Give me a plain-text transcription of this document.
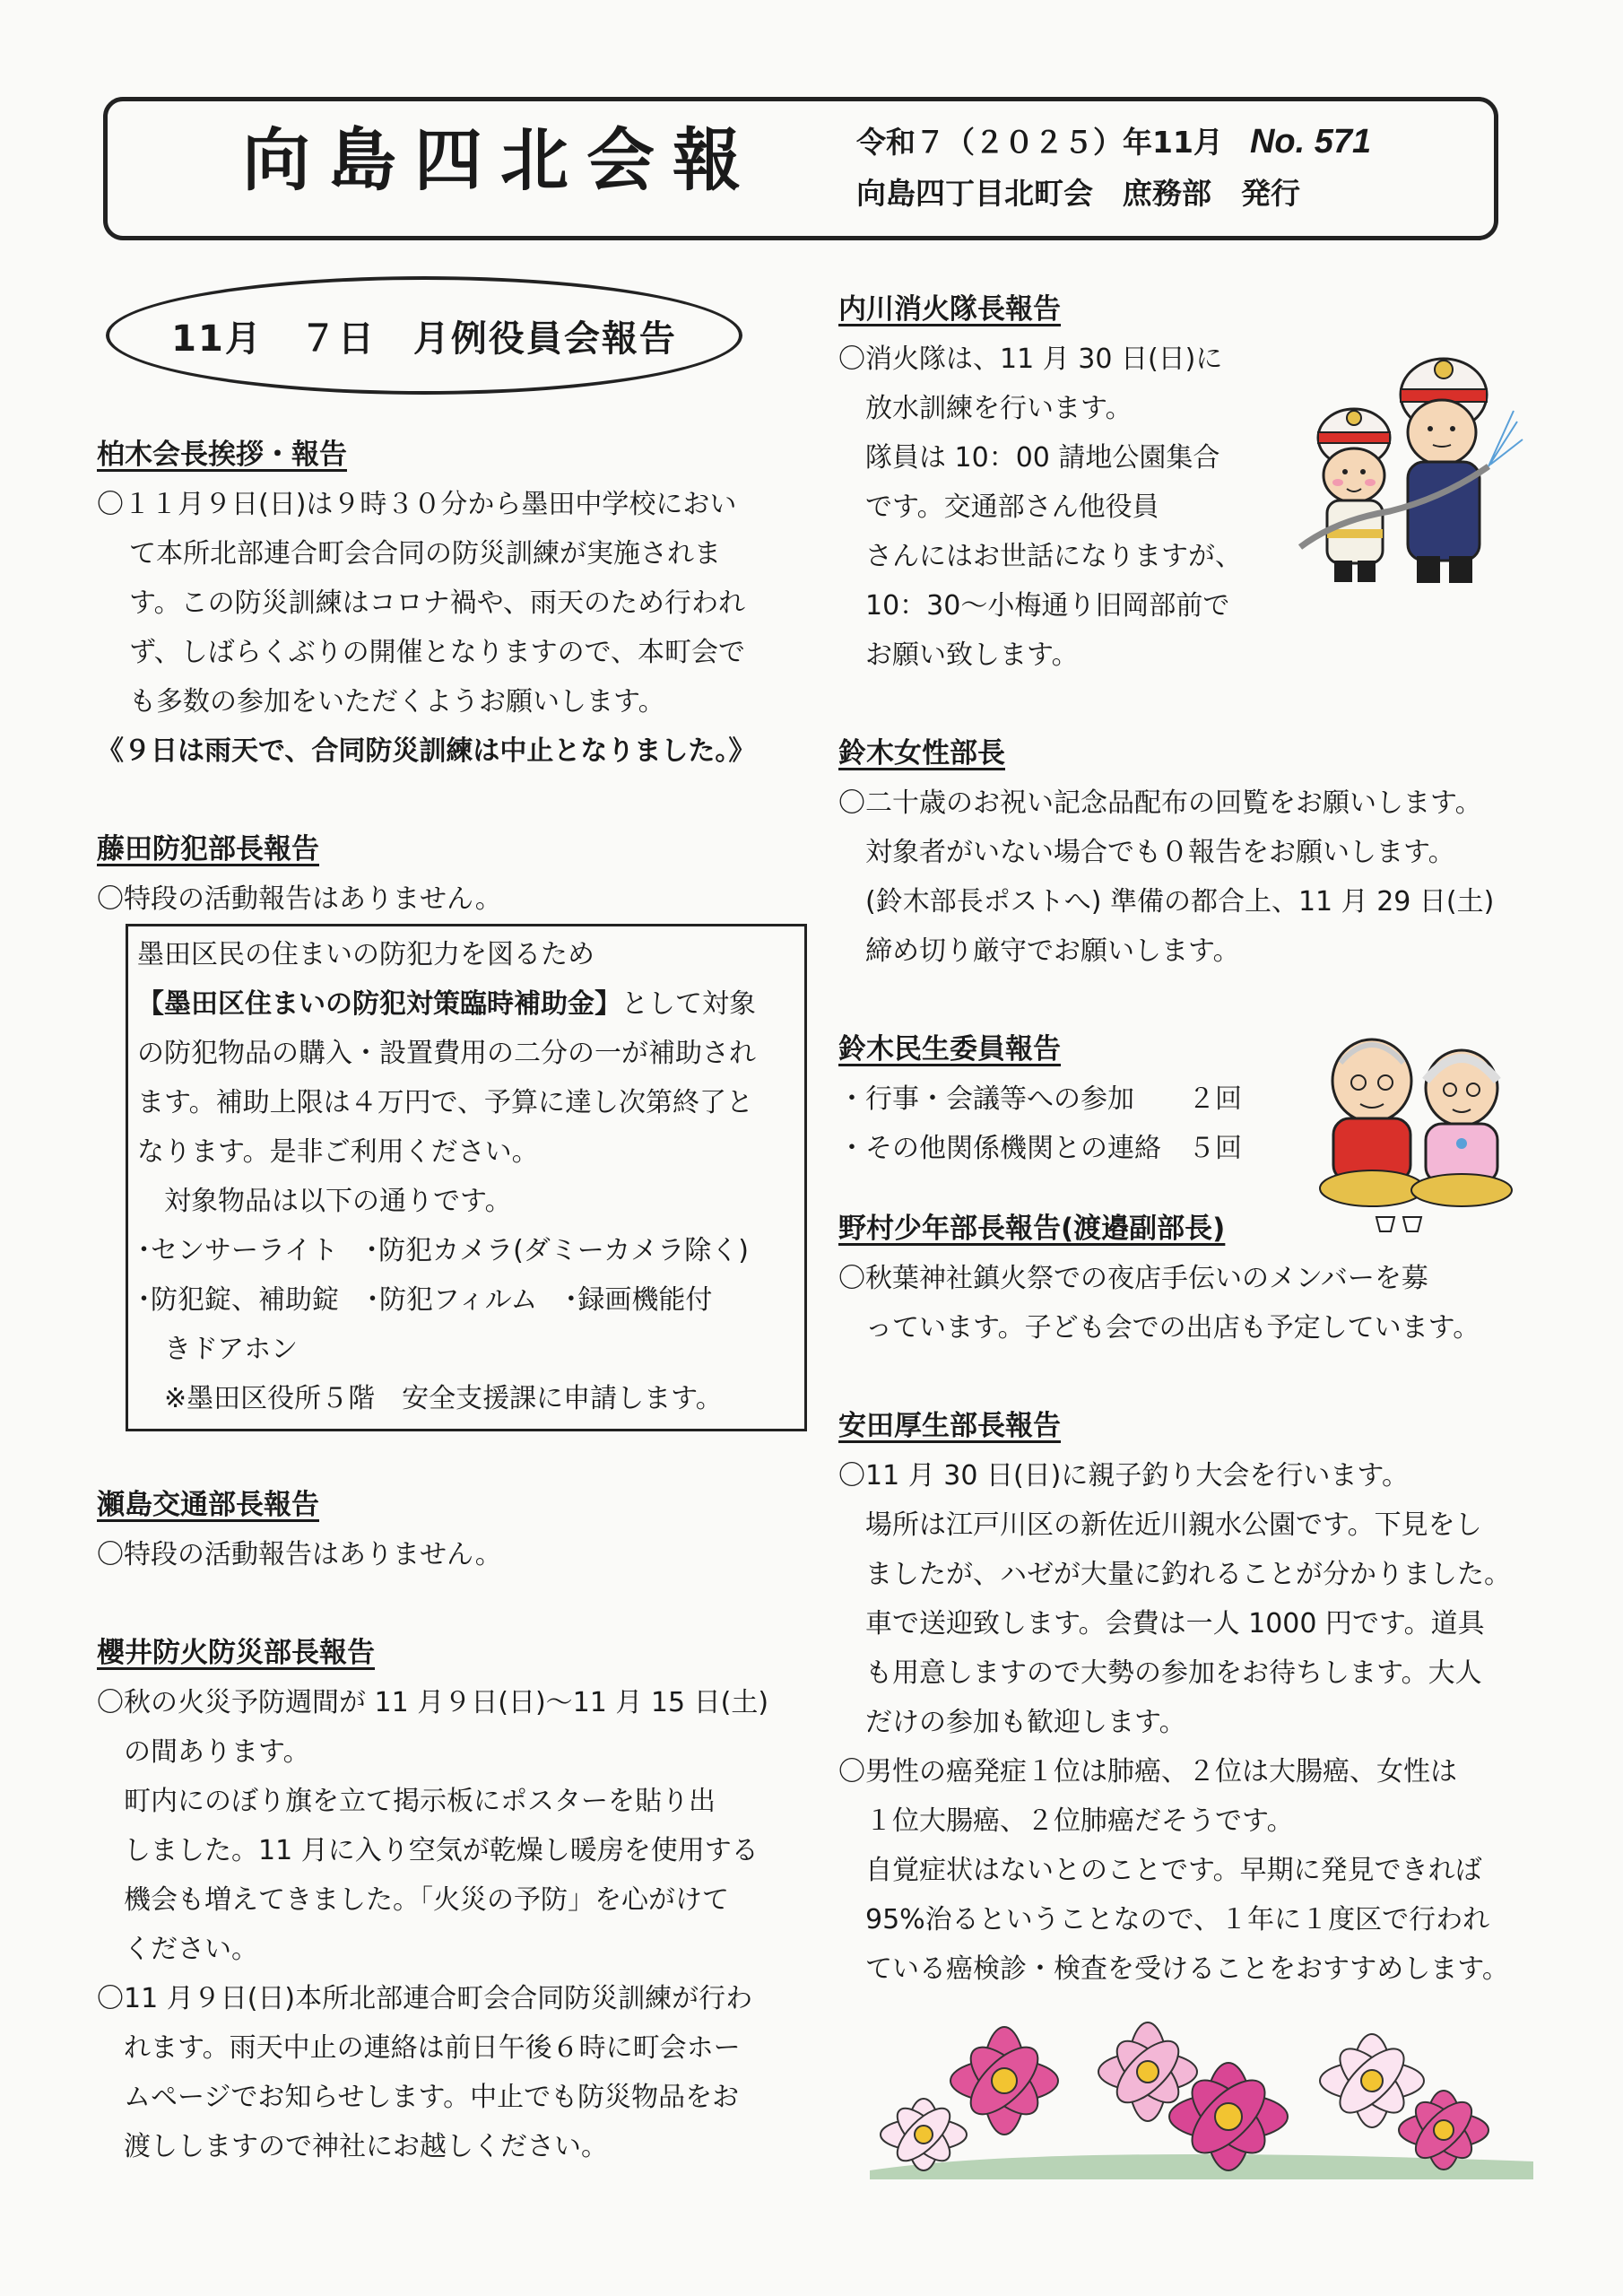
向島四北会報	令和７（２０２５）年11月 No. 571
向島四丁目北町会　庶務部　発行
11月　７日　月例役員会報告
柏木会長挨拶・報告
〇１１月９日(日)は９時３０分から墨田中学校におい
て本所北部連合町会合同の防災訓練が実施されま
す。この防災訓練はコロナ禍や、雨天のため行われ
ず、しばらくぶりの開催となりますので、本町会で
も多数の参加をいただくようお願いします。
《９日は雨天で、合同防災訓練は中止となりました。》
藤田防犯部長報告
〇特段の活動報告はありません。
墨田区民の住まいの防犯力を図るため
【墨田区住まいの防犯対策臨時補助金】として対象
の防犯物品の購入・設置費用の二分の一が補助され
ます。補助上限は４万円で、予算に達し次第終了と
なります。是非ご利用ください。
　対象物品は以下の通りです。
･センサーライト　･防犯カメラ(ダミーカメラ除く)
･防犯錠、補助錠　･防犯フィルム　･録画機能付
　きドアホン
　※墨田区役所５階　安全支援課に申請します。
瀬島交通部長報告
〇特段の活動報告はありません。
櫻井防火防災部長報告
〇秋の火災予防週間が 11 月９日(日)～11 月 15 日(土)
　の間あります。
　町内にのぼり旗を立て掲示板にポスターを貼り出
　しました。11 月に入り空気が乾燥し暖房を使用する
　機会も増えてきました。「火災の予防」を心がけて
　ください。
〇11 月９日(日)本所北部連合町会合同防災訓練が行わ
　れます。雨天中止の連絡は前日午後６時に町会ホー
　ムページでお知らせします。中止でも防災物品をお
　渡ししますので神社にお越しください。
内川消火隊長報告
〇消火隊は、11 月 30 日(日)に
　放水訓練を行います。
　隊員は 10：00 請地公園集合
　です。交通部さん他役員
　さんにはお世話になりますが、
　10：30～小梅通り旧岡部前で
　お願い致します。
鈴木女性部長
〇二十歳のお祝い記念品配布の回覧をお願いします。
　対象者がいない場合でも０報告をお願いします。
　(鈴木部長ポストへ) 準備の都合上、11 月 29 日(土)
　締め切り厳守でお願いします。
鈴木民生委員報告
・行事・会議等への参加　　２回
・その他関係機関との連絡　５回
野村少年部長報告(渡邉副部長)
〇秋葉神社鎮火祭での夜店手伝いのメンバーを募
　っています。子ども会での出店も予定しています。
安田厚生部長報告
〇11 月 30 日(日)に親子釣り大会を行います。
　場所は江戸川区の新佐近川親水公園です。下見をし
　ましたが、ハゼが大量に釣れることが分かりました。
　車で送迎致します。会費は一人 1000 円です。道具
　も用意しますので大勢の参加をお待ちします。大人
　だけの参加も歓迎します。
〇男性の癌発症１位は肺癌、２位は大腸癌、女性は
　１位大腸癌、２位肺癌だそうです。
　自覚症状はないとのことです。早期に発見できれば
　95%治るということなので、１年に１度区で行われ
　ている癌検診・検査を受けることをおすすめします。
